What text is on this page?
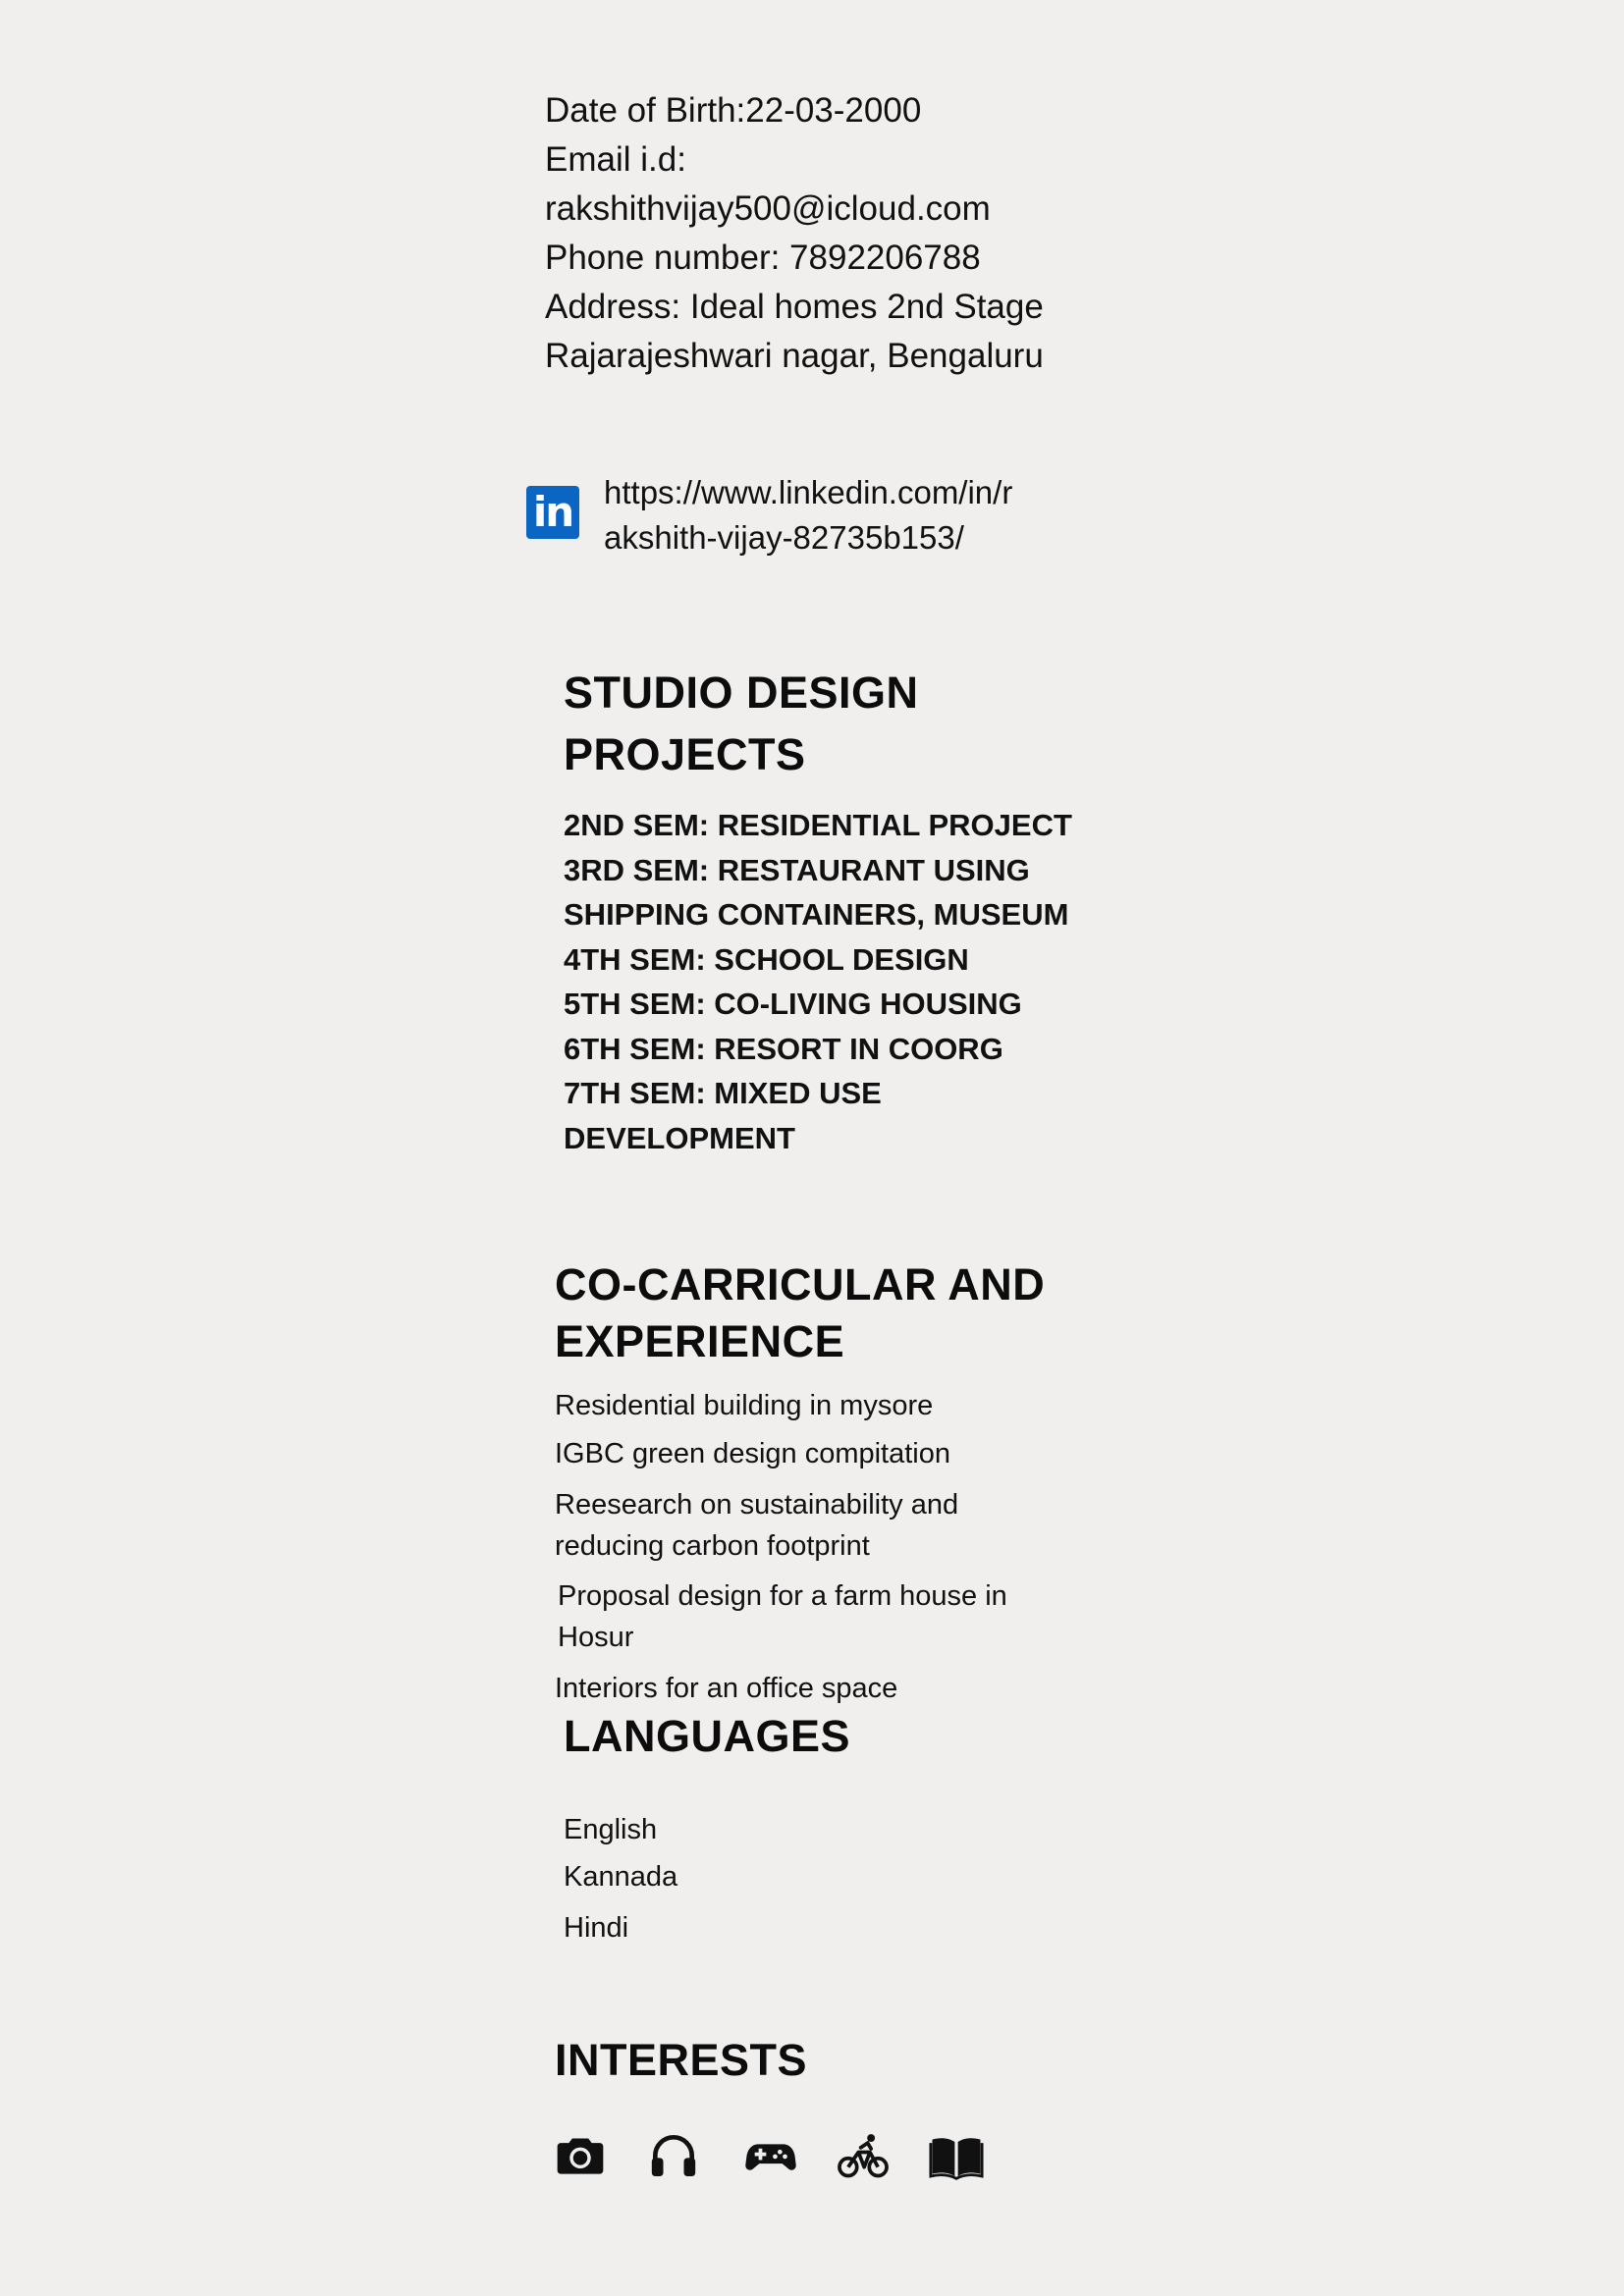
Date of Birth:22-03-2000
Email i.d:
rakshithvijay500@icloud.com
Phone number: 7892206788
Address: Ideal homes 2nd Stage
Rajarajeshwari nagar, Bengaluru
in https://www.linkedin.com/in/r
akshith-vijay-82735b153/
STUDIO DESIGN
PROJECTS
2ND SEM: RESIDENTIAL PROJECT
3RD SEM: RESTAURANT USING
SHIPPING CONTAINERS, MUSEUM
4TH SEM: SCHOOL DESIGN
5TH SEM: CO-LIVING HOUSING
6TH SEM: RESORT IN COORG
7TH SEM: MIXED USE
DEVELOPMENT
CO-CARRICULAR AND
EXPERIENCE
Residential building in mysore
IGBC green design compitation
Reesearch on sustainability and
reducing carbon footprint
Proposal design for a farm house in
Hosur
Interiors for an office space
LANGUAGES
English
Kannada
Hindi
INTERESTS
